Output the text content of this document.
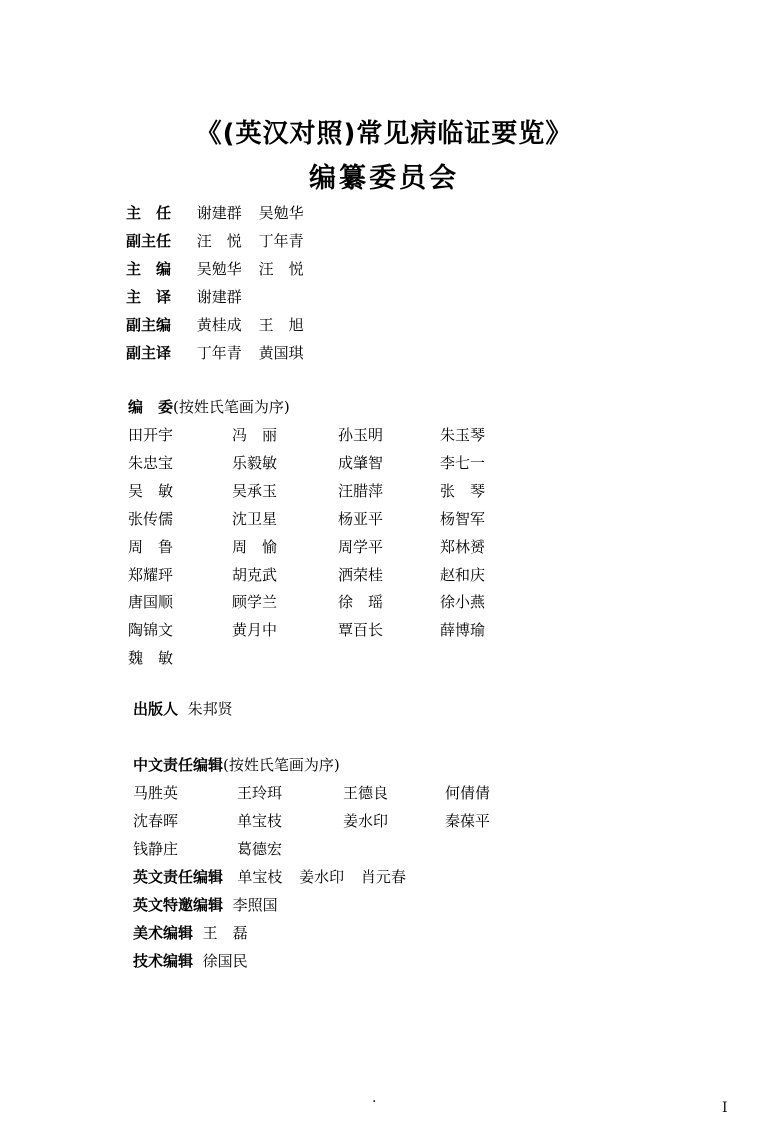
《(英汉对照)常见病临证要览》
编纂委员会
主　任 谢建群 吴勉华
副主任 汪　悦 丁年青
主　编 吴勉华 汪　悦
主　译 谢建群
副主编 黄桂成 王　旭
副主译 丁年青 黄国琪
编　委(按姓氏笔画为序)
田开宇	冯　丽	孙玉明	朱玉琴
朱忠宝	乐毅敏	成肇智	李七一
吴　敏	吴承玉	汪腊萍	张　琴
张传儒	沈卫星	杨亚平	杨智军
周　鲁	周　愉	周学平	郑林赟
郑耀玶	胡克武	洒荣桂	赵和庆
唐国顺	顾学兰	徐　瑶	徐小燕
陶锦文	黄月中	覃百长	薛博瑜
魏　敏
出版人 朱邦贤
中文责任编辑(按姓氏笔画为序)
马胜英	王玲珥	王德良	何倩倩
沈春晖	单宝枝	姜水印	秦葆平
钱静庄	葛德宏
英文责任编辑 单宝枝 姜水印 肖元春
英文特邀编辑 李照国
美术编辑 王　磊
技术编辑 徐国民
.
I
